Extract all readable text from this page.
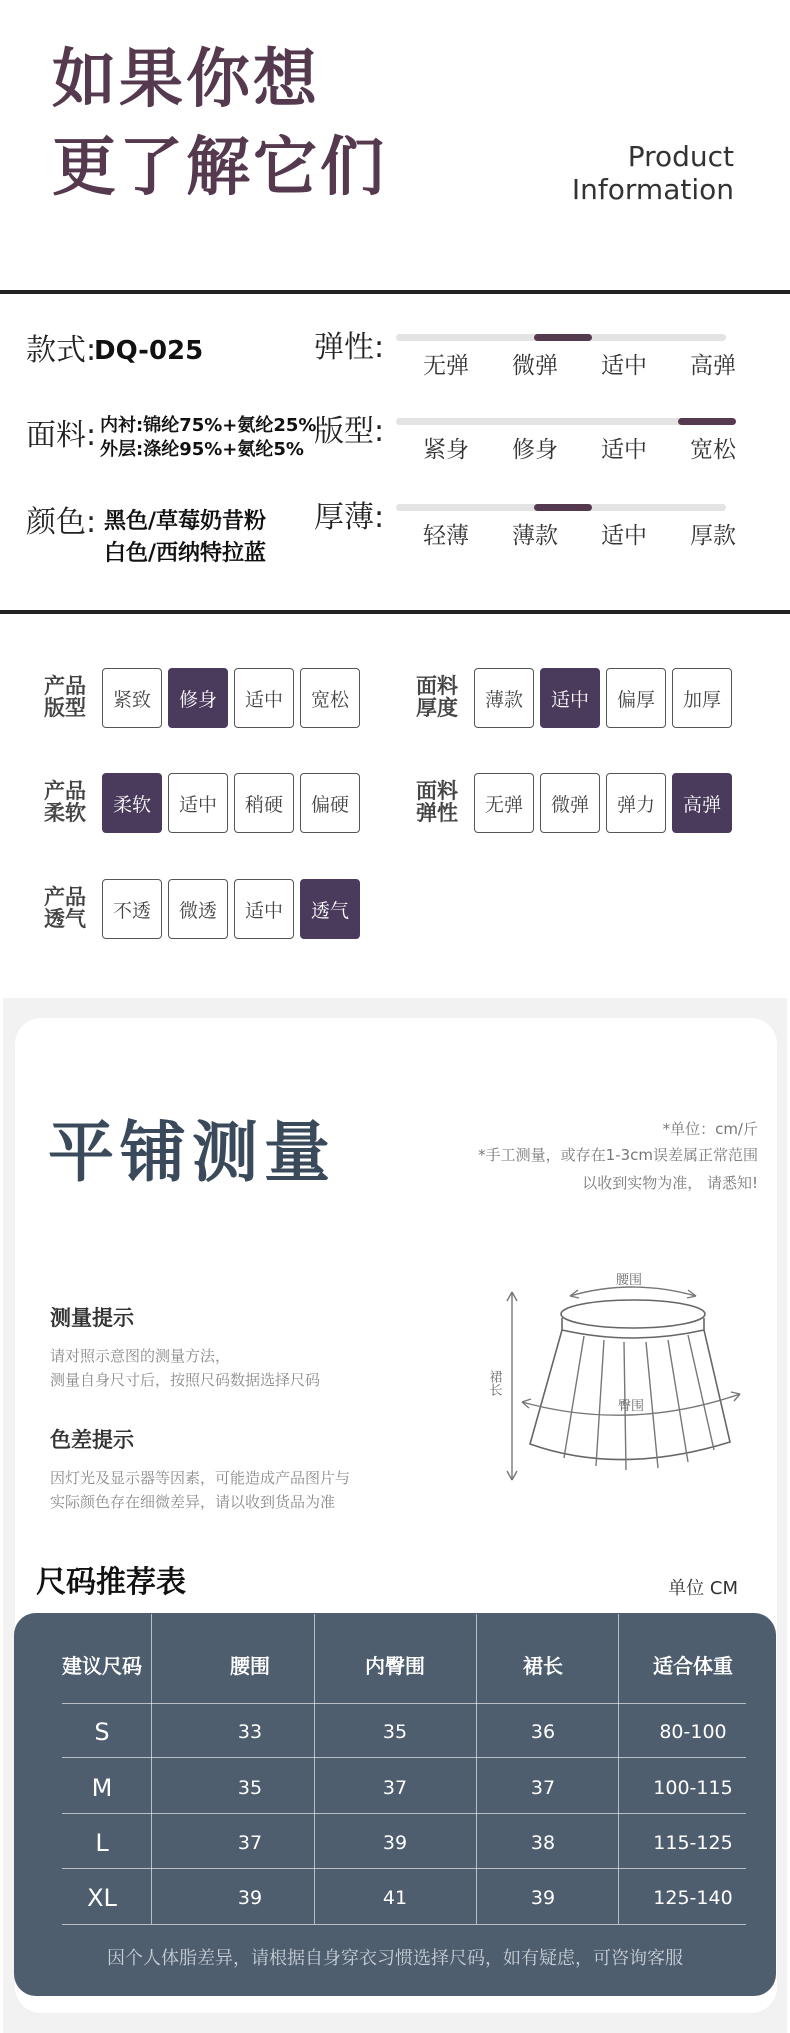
如果你想
更了解它们	Product
Information
款式:
DQ-025
面料: 内衬:锦纶75%+氨纶25%
外层:涤纶95%+氨纶5%
颜色: 黑色/草莓奶昔粉
白色/西纳特拉蓝
弹性:
无弹	微弹	适中	高弹
版型:
紧身	修身	适中	宽松
厚薄:
轻薄	薄款	适中	厚款
产品
版型	紧致	修身	适中	宽松
面料
厚度	薄款	适中	偏厚	加厚
产品
柔软	柔软	适中	稍硬	偏硬
面料
弹性	无弹	微弹	弹力	高弹
产品
透气	不透	微透	适中	透气
平铺测量	*单位：cm/斤
*手工测量，或存在1-3cm误差属正常范围
以收到实物为准， 请悉知!
测量提示
请对照示意图的测量方法，
测量自身尺寸后，按照尺码数据选择尺码
色差提示
因灯光及显示器等因素，可能造成产品图片与
实际颜色存在细微差异，请以收到货品为准
腰围
臀围
裙长
尺码推荐表	单位 CM
建议尺码	腰围	内臀围	裙长	适合体重
S	33	35	36	80-100
M	35	37	37	100-115
L	37	39	38	115-125
XL	39	41	39	125-140
因个人体脂差异，请根据自身穿衣习惯选择尺码，如有疑虑，可咨询客服
